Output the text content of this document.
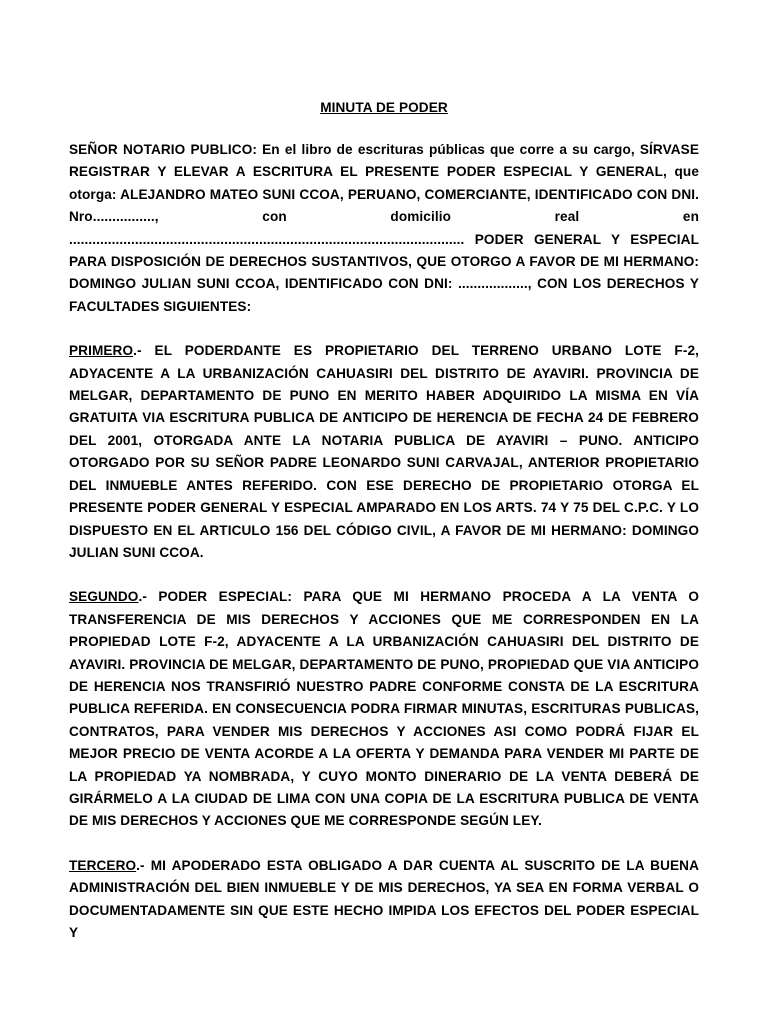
MINUTA DE PODER

SEÑOR NOTARIO PUBLICO: En el libro de escrituras públicas que corre a su cargo, SÍRVASE REGISTRAR Y ELEVAR A ESCRITURA EL PRESENTE PODER ESPECIAL Y GENERAL, que otorga: ALEJANDRO MATEO SUNI CCOA, PERUANO, COMERCIANTE, IDENTIFICADO CON DNI. Nro................, con domicilio real en ...................................................................................................... PODER GENERAL Y ESPECIAL PARA DISPOSICIÓN DE DERECHOS SUSTANTIVOS, QUE OTORGO A FAVOR DE MI HERMANO: DOMINGO JULIAN SUNI CCOA, IDENTIFICADO CON DNI: .................., CON LOS DERECHOS Y FACULTADES SIGUIENTES:

PRIMERO.- EL PODERDANTE ES PROPIETARIO DEL TERRENO URBANO LOTE F-2, ADYACENTE A LA URBANIZACIÓN CAHUASIRI DEL DISTRITO DE AYAVIRI. PROVINCIA DE MELGAR, DEPARTAMENTO DE PUNO EN MERITO HABER ADQUIRIDO LA MISMA EN VÍA GRATUITA VIA ESCRITURA PUBLICA DE ANTICIPO DE HERENCIA DE FECHA 24 DE FEBRERO DEL 2001, OTORGADA ANTE LA NOTARIA PUBLICA DE AYAVIRI – PUNO. ANTICIPO OTORGADO POR SU SEÑOR PADRE LEONARDO SUNI CARVAJAL, ANTERIOR PROPIETARIO DEL INMUEBLE ANTES REFERIDO. CON ESE DERECHO DE PROPIETARIO OTORGA EL PRESENTE PODER GENERAL Y ESPECIAL AMPARADO EN LOS ARTS. 74 Y 75 DEL C.P.C. Y LO DISPUESTO EN EL ARTICULO 156 DEL CÓDIGO CIVIL, A FAVOR DE MI HERMANO: DOMINGO JULIAN SUNI CCOA.

SEGUNDO.- PODER ESPECIAL: PARA QUE MI HERMANO PROCEDA A LA VENTA O TRANSFERENCIA DE MIS DERECHOS Y ACCIONES QUE ME CORRESPONDEN EN LA PROPIEDAD LOTE F-2, ADYACENTE A LA URBANIZACIÓN CAHUASIRI DEL DISTRITO DE AYAVIRI. PROVINCIA DE MELGAR, DEPARTAMENTO DE PUNO, PROPIEDAD QUE VIA ANTICIPO DE HERENCIA NOS TRANSFIRIÓ NUESTRO PADRE CONFORME CONSTA DE LA ESCRITURA PUBLICA REFERIDA. EN CONSECUENCIA PODRA FIRMAR MINUTAS, ESCRITURAS PUBLICAS, CONTRATOS, PARA VENDER MIS DERECHOS Y ACCIONES ASI COMO PODRÁ FIJAR EL MEJOR PRECIO DE VENTA ACORDE A LA OFERTA Y DEMANDA PARA VENDER MI PARTE DE LA PROPIEDAD YA NOMBRADA, Y CUYO MONTO DINERARIO DE LA VENTA DEBERÁ DE GIRÁRMELO A LA CIUDAD DE LIMA CON UNA COPIA DE LA ESCRITURA PUBLICA DE VENTA DE MIS DERECHOS Y ACCIONES QUE ME CORRESPONDE SEGÚN LEY.

TERCERO.- MI APODERADO ESTA OBLIGADO A DAR CUENTA AL SUSCRITO DE LA BUENA ADMINISTRACIÓN DEL BIEN INMUEBLE Y DE MIS DERECHOS, YA SEA EN FORMA VERBAL O DOCUMENTADAMENTE SIN QUE ESTE HECHO IMPIDA LOS EFECTOS DEL PODER ESPECIAL Y
